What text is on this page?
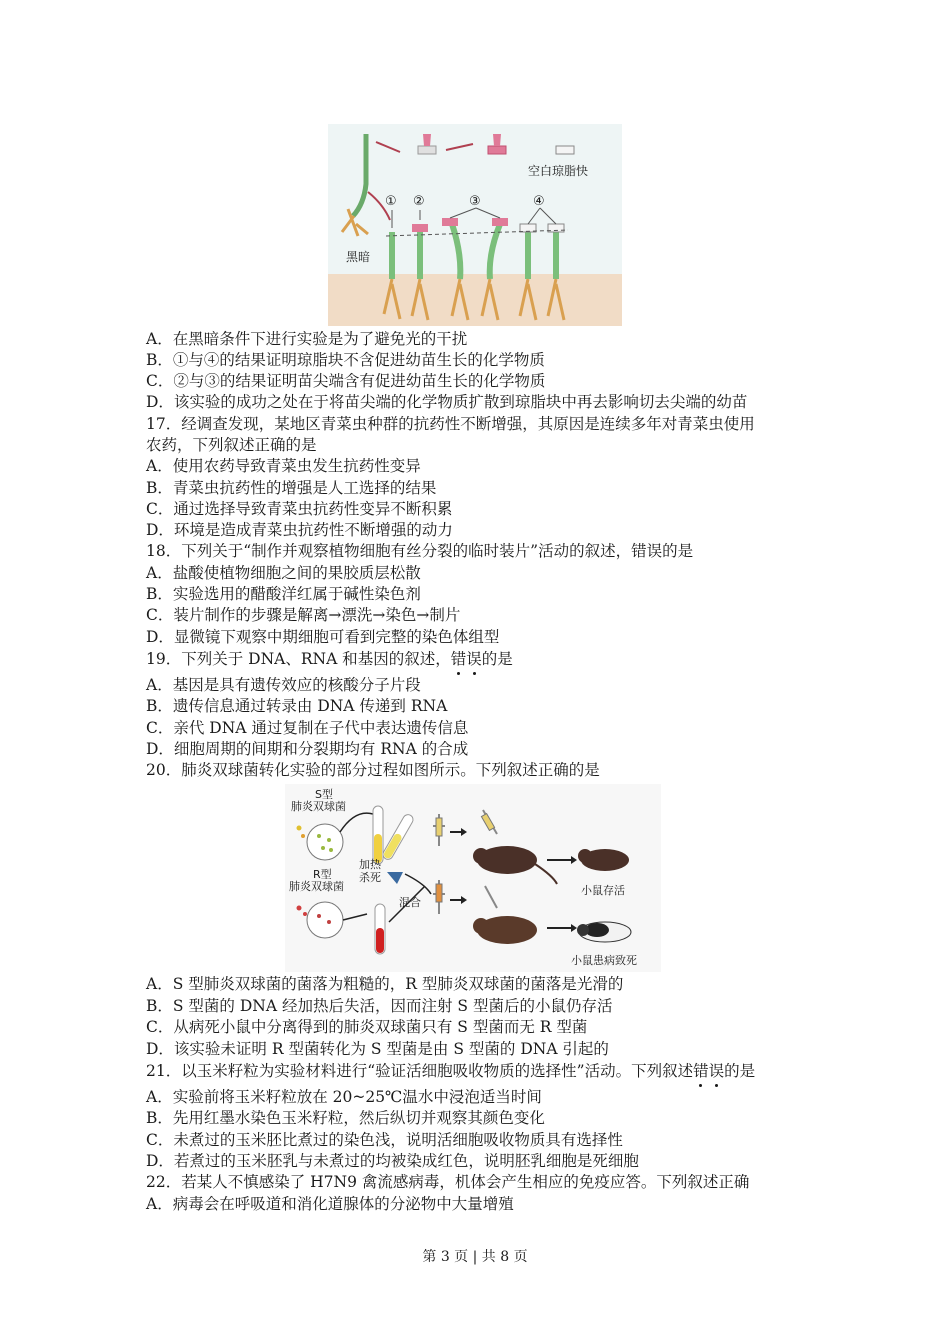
空白琼脂快
黑暗
① ②	③	④
A．在黑暗条件下进行实验是为了避免光的干扰
B．①与④的结果证明琼脂块不含促进幼苗生长的化学物质
C．②与③的结果证明苗尖端含有促进幼苗生长的化学物质
D．该实验的成功之处在于将苗尖端的化学物质扩散到琼脂块中再去影响切去尖端的幼苗
17．经调查发现，某地区青菜虫种群的抗药性不断增强，其原因是连续多年对青菜虫使用
农药，下列叙述正确的是
A．使用农药导致青菜虫发生抗药性变异
B．青菜虫抗药性的增强是人工选择的结果
C．通过选择导致青菜虫抗药性变异不断积累
D．环境是造成青菜虫抗药性不断增强的动力
18．下列关于“制作并观察植物细胞有丝分裂的临时装片”活动的叙述，错误的是
A．盐酸使植物细胞之间的果胶质层松散
B．实验选用的醋酸洋红属于碱性染色剂
C．装片制作的步骤是解离→漂洗→染色→制片
D．显微镜下观察中期细胞可看到完整的染色体组型
19．下列关于 DNA、RNA 和基因的叙述，错误
的是
A．基因是具有遗传效应的核酸分子片段
B．遗传信息通过转录由 DNA 传递到 RNA
C．亲代 DNA 通过复制在子代中表达遗传信息
D．细胞周期的间期和分裂期均有 RNA 的合成
20．肺炎双球菌转化实验的部分过程如图所示。下列叙述正确的是
S型
肺炎双球菌
R型
肺炎双球菌
加热
杀死
混合
小鼠存活
小鼠患病致死
A．S 型肺炎双球菌的菌落为粗糙的，R 型肺炎双球菌的菌落是光滑的
B．S 型菌的 DNA 经加热后失活，因而注射 S 型菌后的小鼠仍存活
C．从病死小鼠中分离得到的肺炎双球菌只有 S 型菌而无 R 型菌
D．该实验未证明 R 型菌转化为 S 型菌是由 S 型菌的 DNA 引起的
21．以玉米籽粒为实验材料进行“验证活细胞吸收物质的选择性”活动。下列叙述错误
的是
A．实验前将玉米籽粒放在 20~25℃温水中浸泡适当时间
B．先用红墨水染色玉米籽粒，然后纵切并观察其颜色变化
C．未煮过的玉米胚比煮过的染色浅，说明活细胞吸收物质具有选择性
D．若煮过的玉米胚乳与未煮过的均被染成红色，说明胚乳细胞是死细胞
22．若某人不慎感染了 H7N9 禽流感病毒，机体会产生相应的免疫应答。下列叙述正确
A．病毒会在呼吸道和消化道腺体的分泌物中大量增殖
第 3 页 | 共 8 页
